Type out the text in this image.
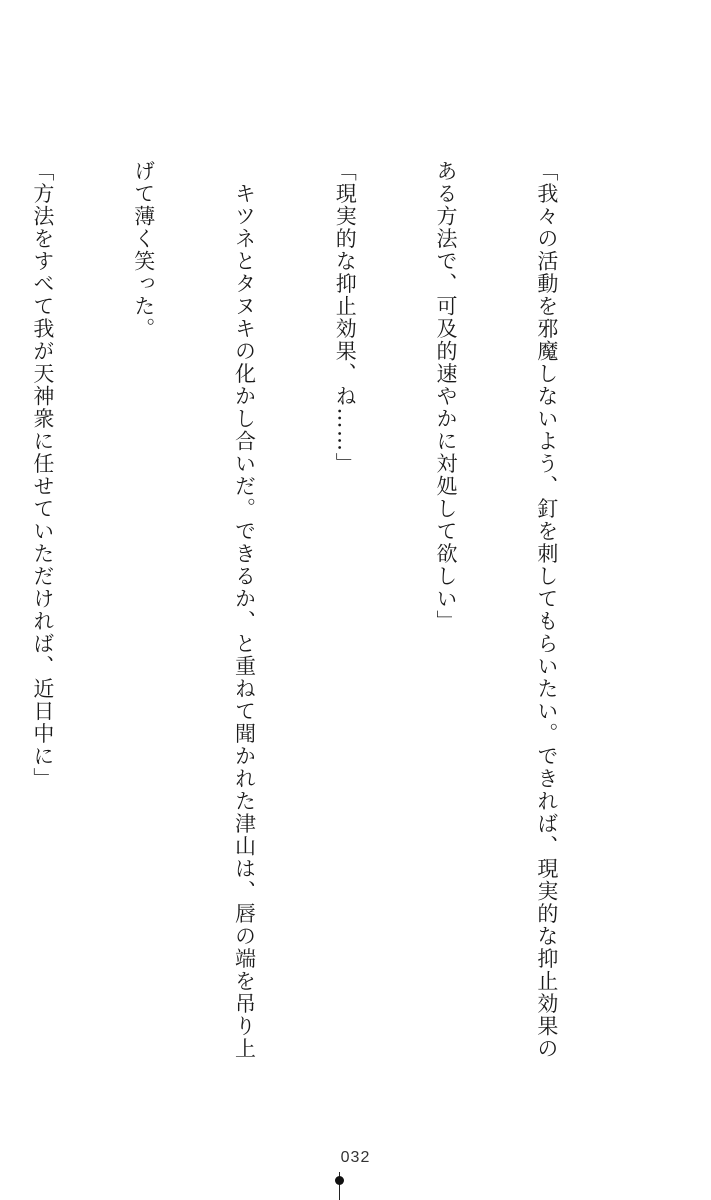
「我々の活動を邪魔しないよう、釘を刺してもらいたい。できれば、現実的な抑止効果の

ある方法で、可及的速やかに対処して欲しい」

「現実的な抑止効果、ね……」

　キツネとタヌキの化かし合いだ。できるか、と重ねて聞かれた津山は、唇の端を吊り上

げて薄く笑った。

「方法をすべて我が天神衆に任せていただければ、近日中に」

032
